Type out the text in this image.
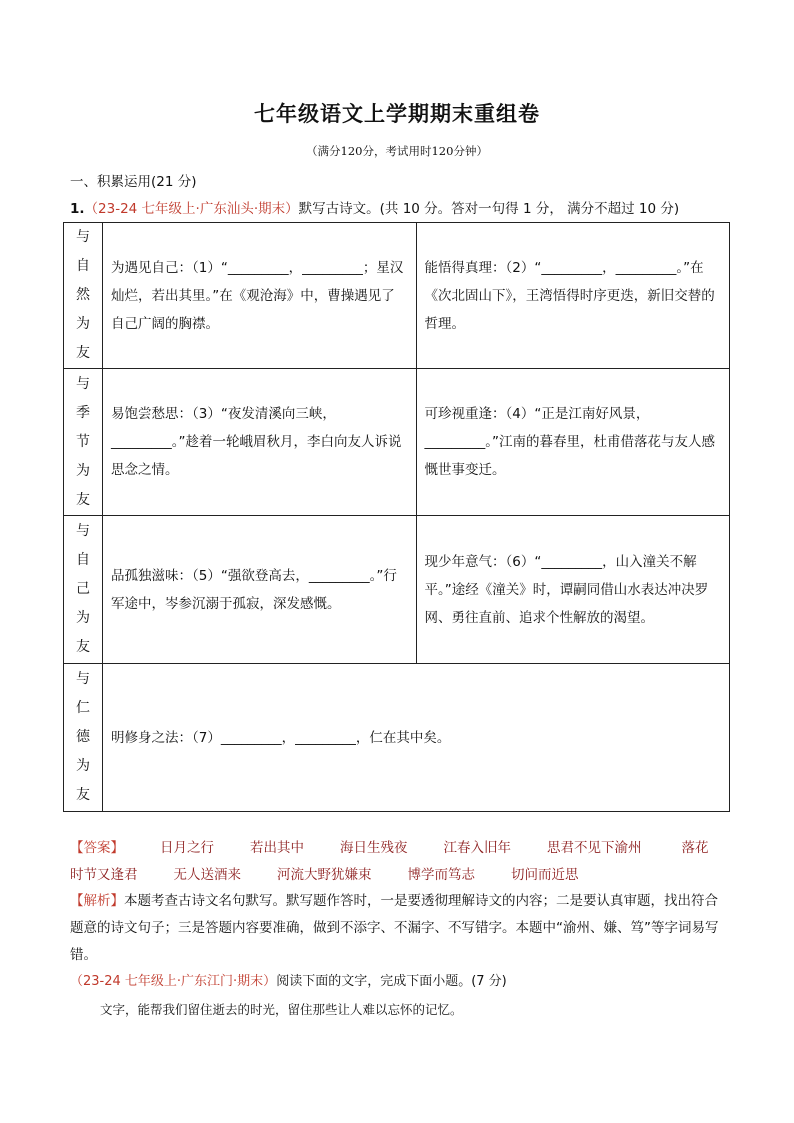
七年级语文上学期期末重组卷
（满分120分，考试用时120分钟）
一、积累运用(21 分)
1.（23-24 七年级上·广东汕头·期末）默写古诗文。(共 10 分。答对一句得 1 分， 满分不超过 10 分)
与
自
然
为
友	为遇见自己：（1）“_________，_________；星汉灿烂，若出其里。”在《观沧海》中，曹操遇见了自己广阔的胸襟。	能悟得真理：（2）“_________，_________。”在《次北固山下》，王湾悟得时序更迭，新旧交替的哲理。

与
季
节
为
友	易饱尝愁思：（3）“夜发清溪向三峡，_________。”趁着一轮峨眉秋月，李白向友人诉说思念之情。	可珍视重逢：（4）“正是江南好风景，_________。”江南的暮春里，杜甫借落花与友人感慨世事变迁。

与
自
己
为
友	品孤独滋味：（5）“强欲登高去，_________。”行军途中，岑参沉溺于孤寂，深发感慨。	现少年意气：（6）“_________，山入潼关不解平。”途经《潼关》时，谭嗣同借山水表达冲决罗网、勇往直前、追求个性解放的渴望。

与
仁
德
为
友	明修身之法：（7）_________，_________，仁在其中矣。	
【答案】	日月之行	若出其中	海日生残夜	江春入旧年	思君不见下渝州	落花
时节又逢君	无人送酒来	河流大野犹嫌束	博学而笃志	切问而近思
【解析】本题考查古诗文名句默写。默写题作答时，一是要透彻理解诗文的内容；二是要认真审题，找出符合题意的诗文句子；三是答题内容要准确，做到不添字、不漏字、不写错字。本题中“渝州、嫌、笃”等字词易写错。
（23-24 七年级上·广东江门·期末）阅读下面的文字，完成下面小题。(7 分)
文字，能帮我们留住逝去的时光，留住那些让人难以忘怀的记忆。
